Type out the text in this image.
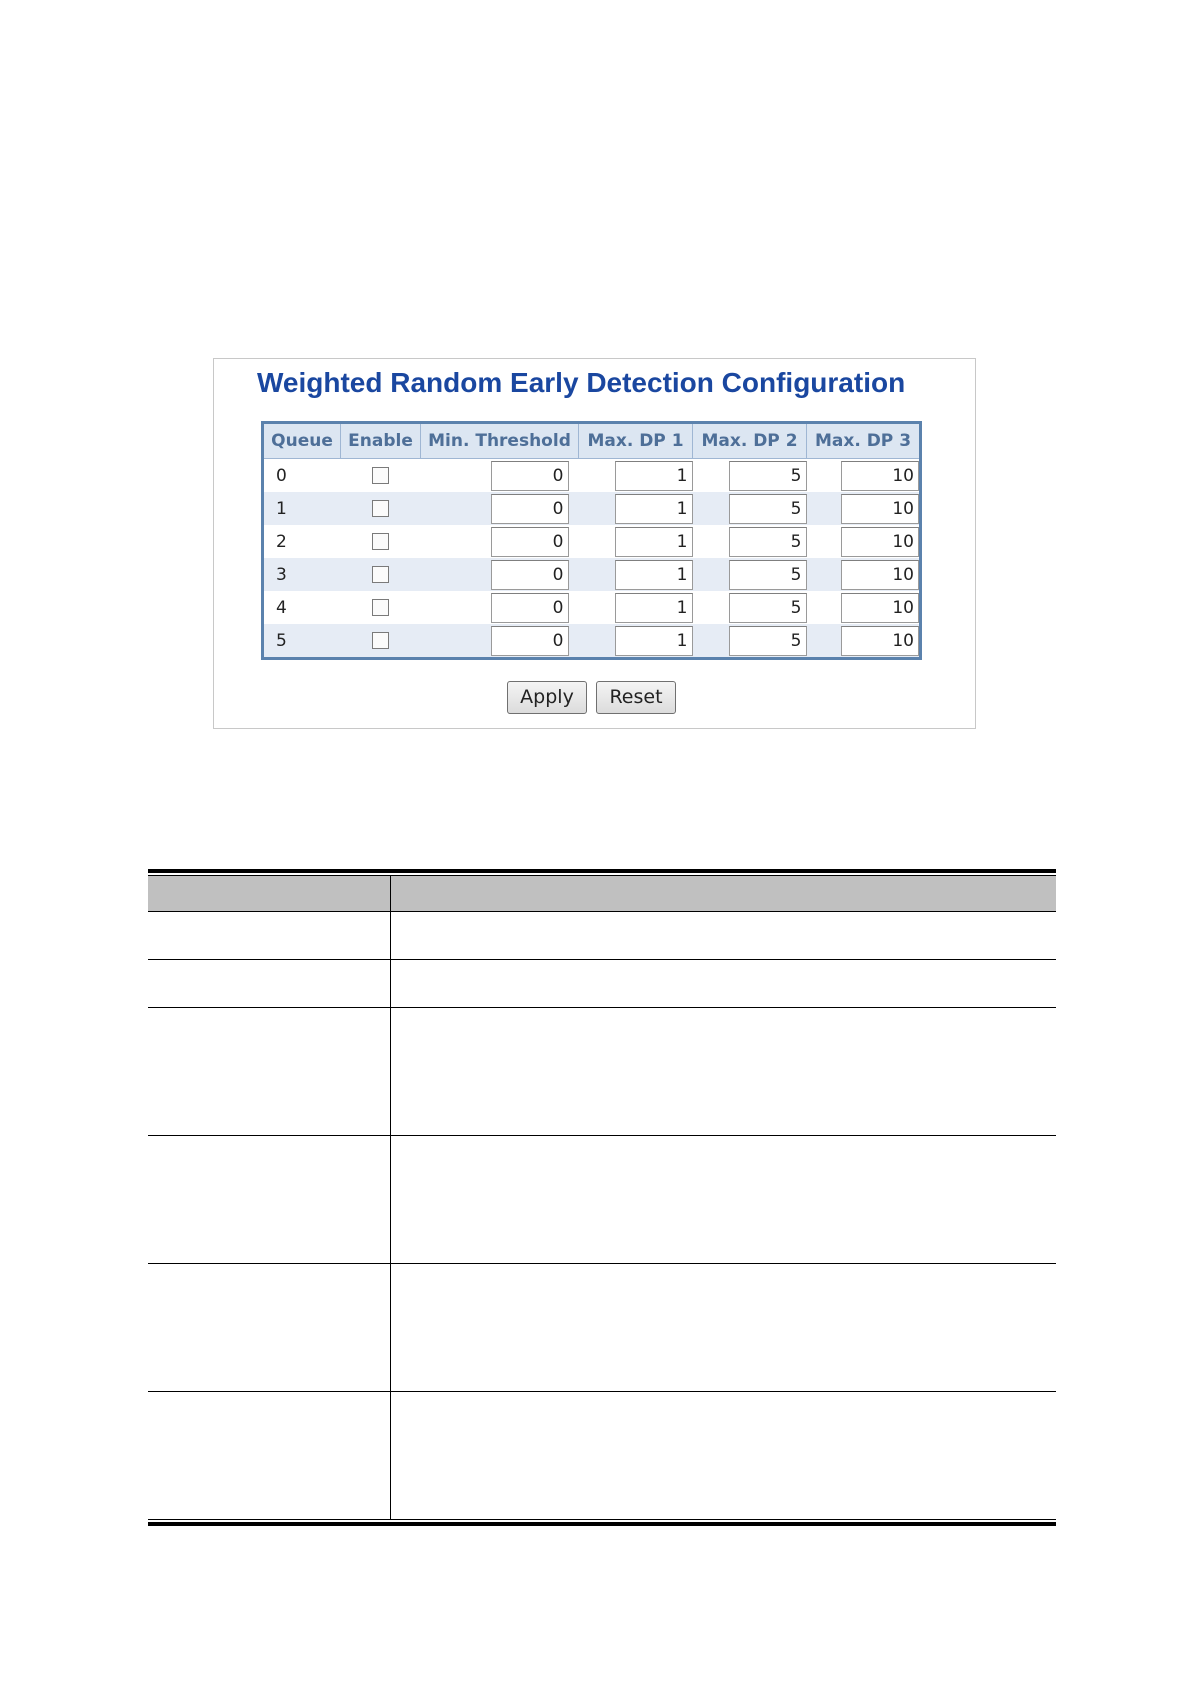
Weighted Random Early Detection Configuration
Queue	Enable	Min. Threshold	Max. DP 1	Max. DP 2	Max. DP 3
0		0	1	5	10
1		0	1	5	10
2		0	1	5	10
3		0	1	5	10
4		0	1	5	10
5		0	1	5	10
Apply	Reset
